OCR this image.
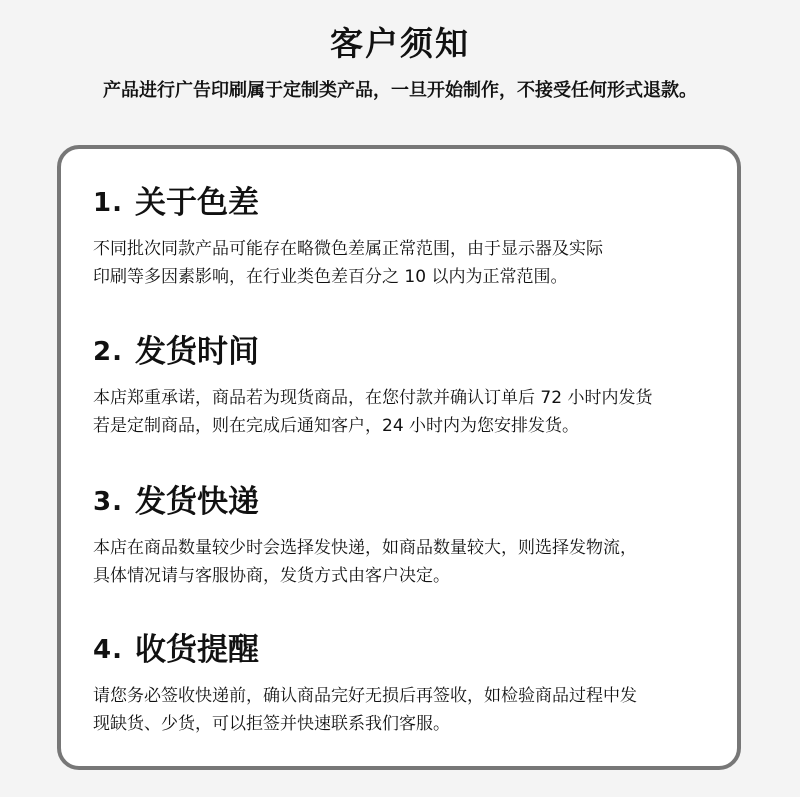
客户须知
产品进行广告印刷属于定制类产品，一旦开始制作，不接受任何形式退款。
1. 关于色差
不同批次同款产品可能存在略微色差属正常范围，由于显示器及实际
印刷等多因素影响，在行业类色差百分之 10 以内为正常范围。
2. 发货时间
本店郑重承诺，商品若为现货商品，在您付款并确认订单后 72 小时内发货
若是定制商品，则在完成后通知客户，24 小时内为您安排发货。
3. 发货快递
本店在商品数量较少时会选择发快递，如商品数量较大，则选择发物流，
具体情况请与客服协商，发货方式由客户决定。
4. 收货提醒
请您务必签收快递前，确认商品完好无损后再签收，如检验商品过程中发
现缺货、少货，可以拒签并快速联系我们客服。
